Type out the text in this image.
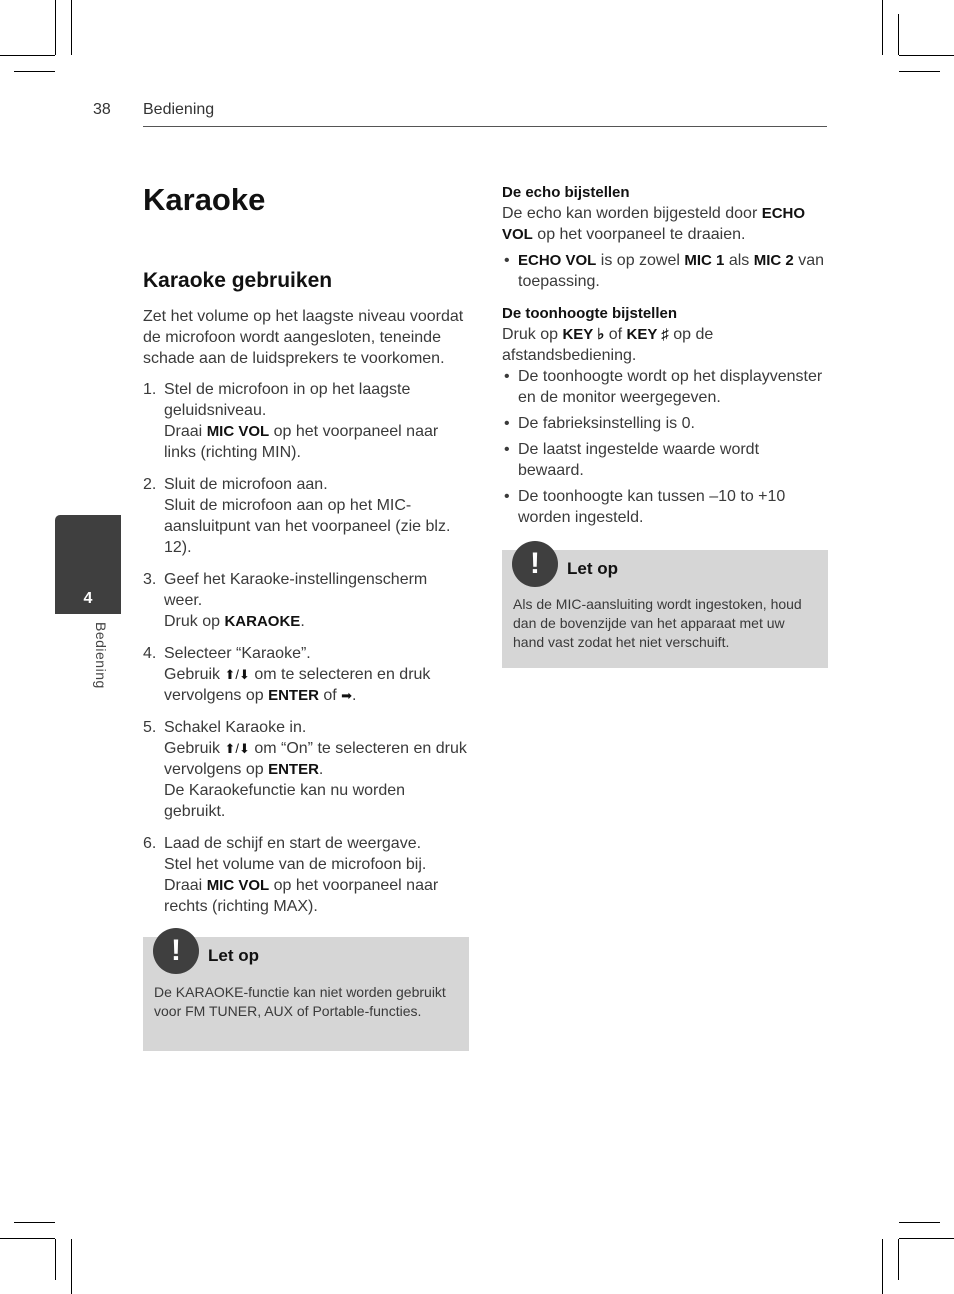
38 Bediening
4
Bediening
Karaoke
Karaoke gebruiken

Zet het volume op het laagste niveau voordat de microfoon wordt aangesloten, teneinde schade aan de luidsprekers te voorkomen.

1. Stel de microfoon in op het laagste geluidsniveau.

Draai MIC VOL op het voorpaneel naar links (richting MIN).

2. Sluit de microfoon aan.

Sluit de microfoon aan op het MIC-aansluitpunt van het voorpaneel (zie blz. 12).

3. Geef het Karaoke-instellingenscherm weer.

Druk op KARAOKE.

4. Selecteer “Karaoke”.

Gebruik ⬆/⬇ om te selecteren en druk vervolgens op ENTER of ➡.

5. Schakel Karaoke in.

Gebruik ⬆/⬇ om “On” te selecteren en druk vervolgens op ENTER.

De Karaokefunctie kan nu worden gebruikt.

6. Laad de schijf en start de weergave.

Stel het volume van de microfoon bij.

Draai MIC VOL op het voorpaneel naar rechts (richting MAX).

!	Let op
De KARAOKE-functie kan niet worden gebruikt voor FM TUNER, AUX of Portable-functies.
De echo bijstellen

De echo kan worden bijgesteld door ECHO VOL op het voorpaneel te draaien.

• ECHO VOL is op zowel MIC 1 als MIC 2 van toepassing.
De toonhoogte bijstellen

Druk op KEY ♭ of KEY ♯ op de afstandsbediening.

• De toonhoogte wordt op het displayvenster en de monitor weergegeven.
• De fabrieksinstelling is 0.
• De laatst ingestelde waarde wordt bewaard.
• De toonhoogte kan tussen –10 to +10 worden ingesteld.
!	Let op
Als de MIC-aansluiting wordt ingestoken, houd dan de bovenzijde van het apparaat met uw hand vast zodat het niet verschuift.
